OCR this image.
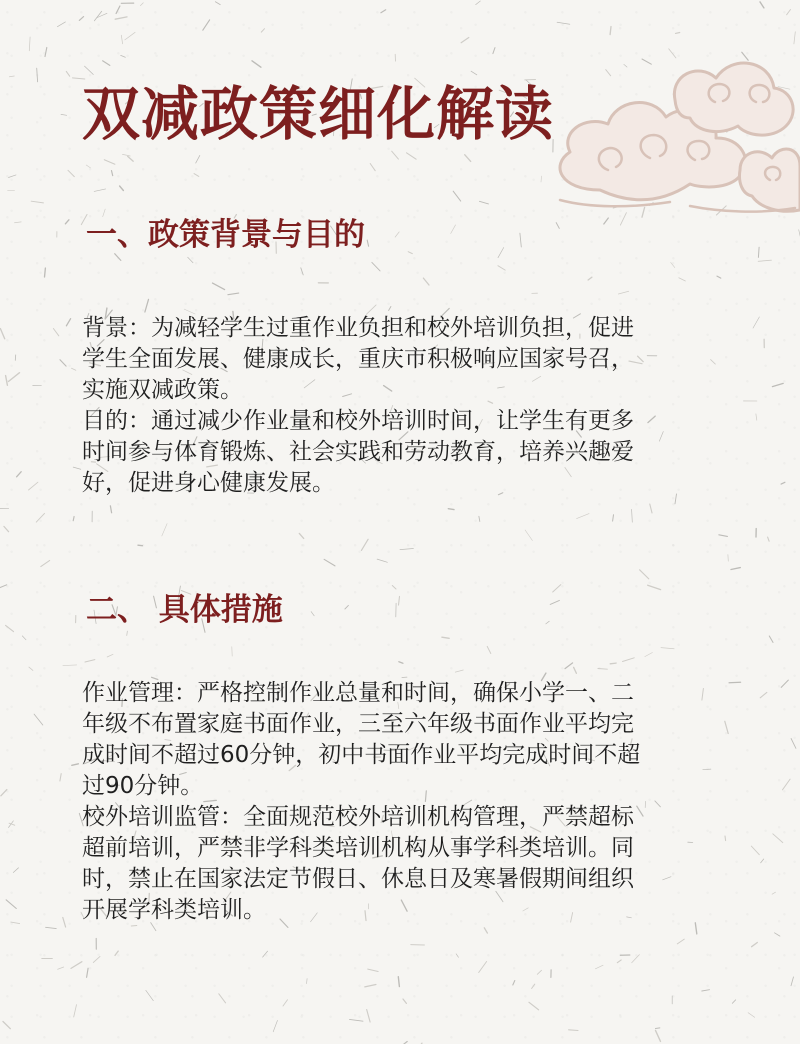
双减政策细化解读
一、政策背景与目的

背景：为减轻学生过重作业负担和校外培训负担，促进
学生全面发展、健康成长，重庆市积极响应国家号召，
实施双减政策。

目的：通过减少作业量和校外培训时间，让学生有更多
时间参与体育锻炼、社会实践和劳动教育，培养兴趣爱
好，促进身心健康发展。

二、 具体措施

作业管理：严格控制作业总量和时间，确保小学一、二
年级不布置家庭书面作业，三至六年级书面作业平均完
成时间不超过60分钟，初中书面作业平均完成时间不超
过90分钟。

校外培训监管：全面规范校外培训机构管理，严禁超标
超前培训，严禁非学科类培训机构从事学科类培训。同
时，禁止在国家法定节假日、休息日及寒暑假期间组织
开展学科类培训。
